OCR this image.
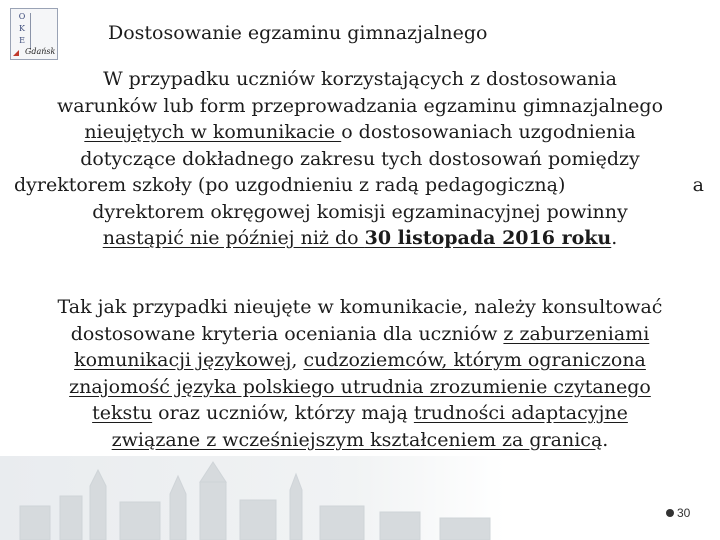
O
K
E
Gdańsk
Dostosowanie egzaminu gimnazjalnego
W przypadku uczniów korzystających z dostosowania
warunków lub form przeprowadzania egzaminu gimnazjalnego
nieujętych w komunikacie o dostosowaniach uzgodnienia
dotyczące dokładnego zakresu tych dostosowań pomiędzy
dyrektorem szkoły (po uzgodnieniu z radą pedagogiczną)	a
dyrektorem okręgowej komisji egzaminacyjnej powinny
nastąpić nie później niż do 30 listopada 2016 roku.
Tak jak przypadki nieujęte w komunikacie, należy konsultować
dostosowane kryteria oceniania dla uczniów z zaburzeniami
komunikacji językowej, cudzoziemców, którym ograniczona
znajomość języka polskiego utrudnia zrozumienie czytanego
tekstu oraz uczniów, którzy mają trudności adaptacyjne
związane z wcześniejszym kształceniem za granicą.
30
